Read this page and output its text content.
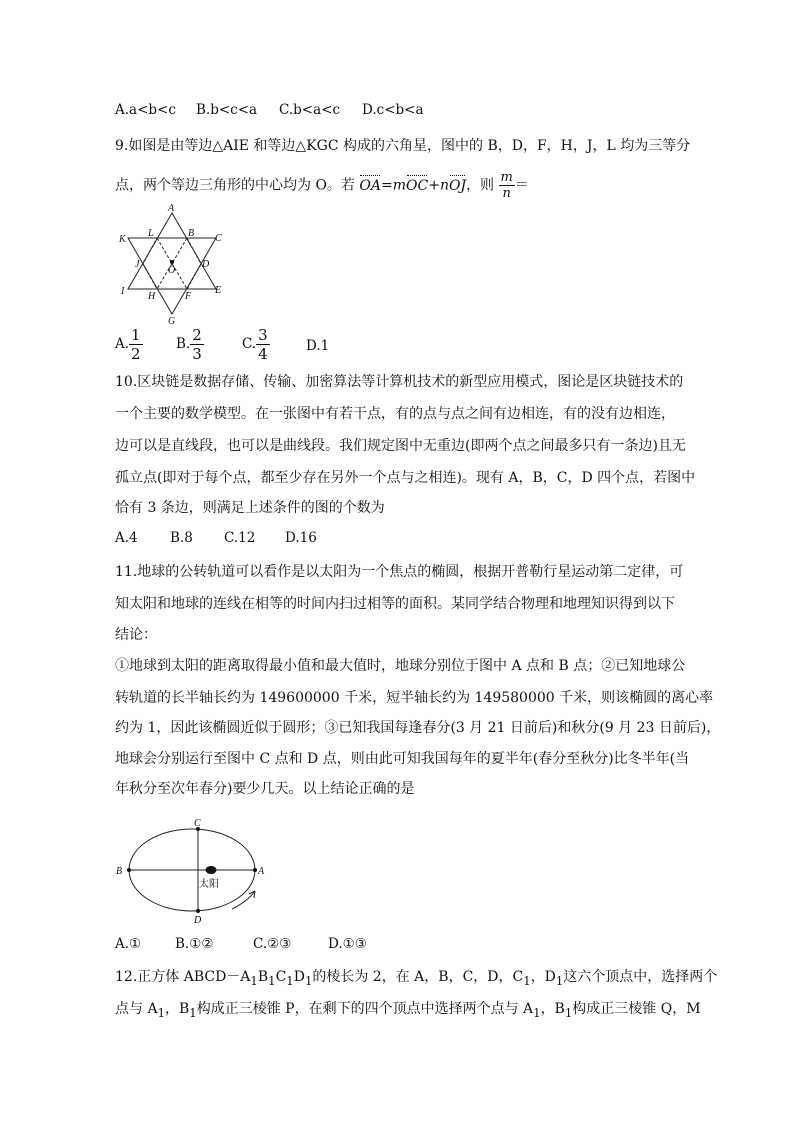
A.a<b<c B.b<c<a C.b<a<c D.c<b<a
9.如图是由等边△AIE 和等边△KGC 构成的六角星，图中的 B，D，F，H，J，L 均为三等分
点，两个等边三角形的中心均为 O。若 OA=mOC+nOJ，则 $\frac{m}{n}$ ＝
A
B C
D
E
F
G
H
I
J
K
L
O
A. $\frac{1}{2} B$. $\frac{2}{3}$	C. $\frac{3}{4}$	D.1
10.区块链是数据存储、传输、加密算法等计算机技术的新型应用模式，图论是区块链技术的
一个主要的数学模型。在一张图中有若干点，有的点与点之间有边相连，有的没有边相连，
边可以是直线段，也可以是曲线段。我们规定图中无重边(即两个点之间最多只有一条边)且无
孤立点(即对于每个点，都至少存在另外一个点与之相连)。现有 A，B，C，D 四个点，若图中
恰有 3 条边，则满足上述条件的图的个数为
A.4 B.8 C.12 D.16
11.地球的公转轨道可以看作是以太阳为一个焦点的椭圆，根据开普勒行星运动第二定律，可
知太阳和地球的连线在相等的时间内扫过相等的面积。某同学结合物理和地理知识得到以下
结论：
①地球到太阳的距离取得最小值和最大值时，地球分别位于图中 A 点和 B 点；②已知地球公
转轨道的长半轴长约为 149600000 千米，短半轴长约为 149580000 千米，则该椭圆的离心率
约为 1，因此该椭圆近似于圆形；③已知我国每逢春分(3 月 21 日前后)和秋分(9 月 23 日前后)，
地球会分别运行至图中 C 点和 D 点，则由此可知我国每年的夏半年(春分至秋分)比冬半年(当
年秋分至次年春分)要少几天。以上结论正确的是
C
D
B	A
太阳
A.①	B.①②	C.②③	D.①③
12.正方体 $ABCD-A_1B_1C_1D_1$的棱长为 2，在 A，B，C，D，$C_1$，$D_1$这六个顶点中，选择两个
点与 $A_1$，$B_1$构成正三棱锥 P，在剩下的四个顶点中选择两个点与 $A_1$，$B_1$构成正三棱锥 Q，M
